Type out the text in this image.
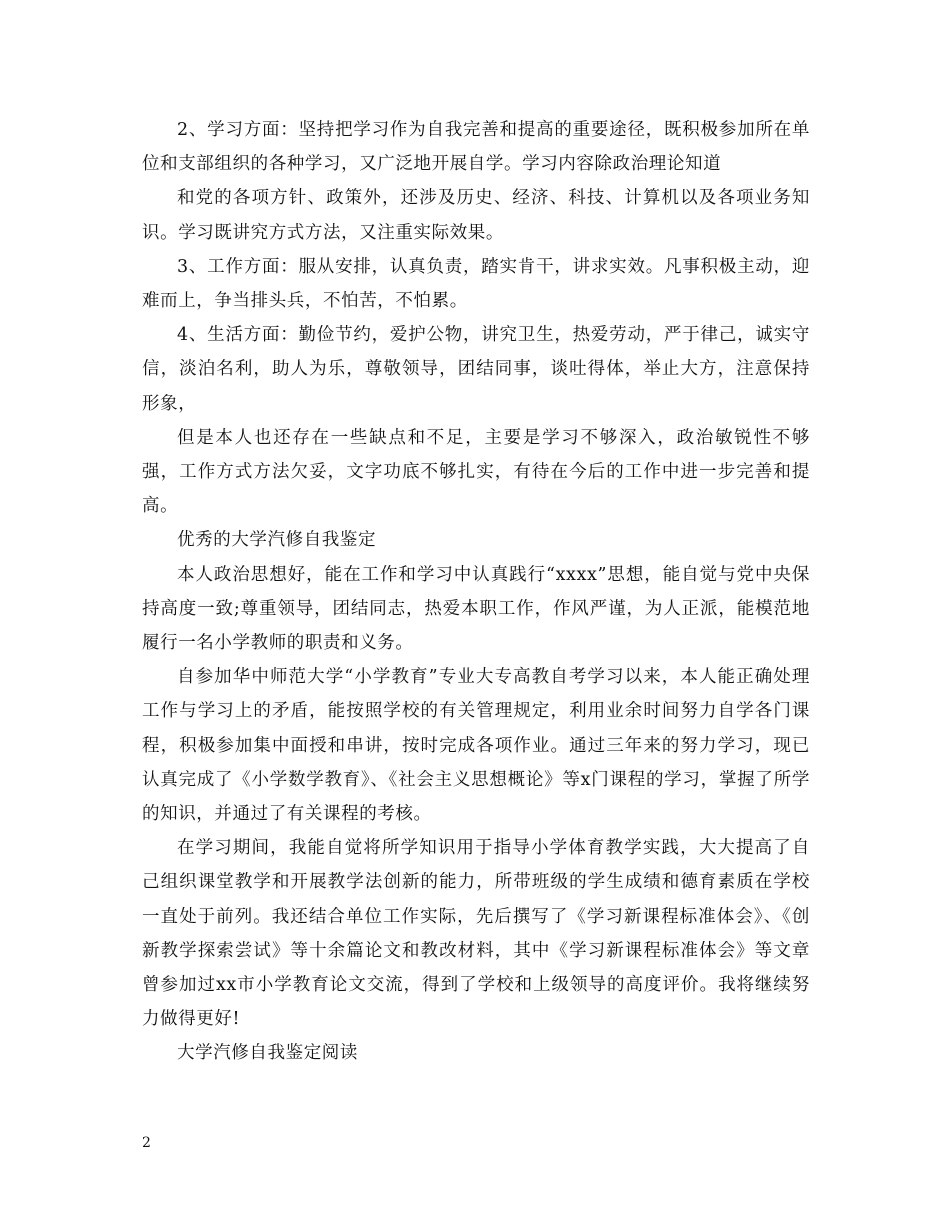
2、学习方面：坚持把学习作为自我完善和提高的重要途径，既积极参加所在单位和支部组织的各种学习，又广泛地开展自学。学习内容除政治理论知道

和党的各项方针、政策外，还涉及历史、经济、科技、计算机以及各项业务知识。学习既讲究方式方法，又注重实际效果。

3、工作方面：服从安排，认真负责，踏实肯干，讲求实效。凡事积极主动，迎难而上，争当排头兵，不怕苦，不怕累。

4、生活方面：勤俭节约，爱护公物，讲究卫生，热爱劳动，严于律己，诚实守信，淡泊名利，助人为乐，尊敬领导，团结同事，谈吐得体，举止大方，注意保持形象，

但是本人也还存在一些缺点和不足，主要是学习不够深入，政治敏锐性不够强，工作方式方法欠妥，文字功底不够扎实，有待在今后的工作中进一步完善和提高。

优秀的大学汽修自我鉴定

本人政治思想好，能在工作和学习中认真践行“xxxx”思想，能自觉与党中央保持高度一致;尊重领导，团结同志，热爱本职工作，作风严谨，为人正派，能模范地履行一名小学教师的职责和义务。

自参加华中师范大学“小学教育”专业大专高教自考学习以来，本人能正确处理工作与学习上的矛盾，能按照学校的有关管理规定，利用业余时间努力自学各门课程，积极参加集中面授和串讲，按时完成各项作业。通过三年来的努力学习，现已认真完成了《小学数学教育》、《社会主义思想概论》等x门课程的学习，掌握了所学的知识，并通过了有关课程的考核。

在学习期间，我能自觉将所学知识用于指导小学体育教学实践，大大提高了自己组织课堂教学和开展教学法创新的能力，所带班级的学生成绩和德育素质在学校一直处于前列。我还结合单位工作实际，先后撰写了《学习新课程标准体会》、《创新教学探索尝试》等十余篇论文和教改材料，其中《学习新课程标准体会》等文章曾参加过xx市小学教育论文交流，得到了学校和上级领导的高度评价。我将继续努力做得更好!

大学汽修自我鉴定阅读

2
